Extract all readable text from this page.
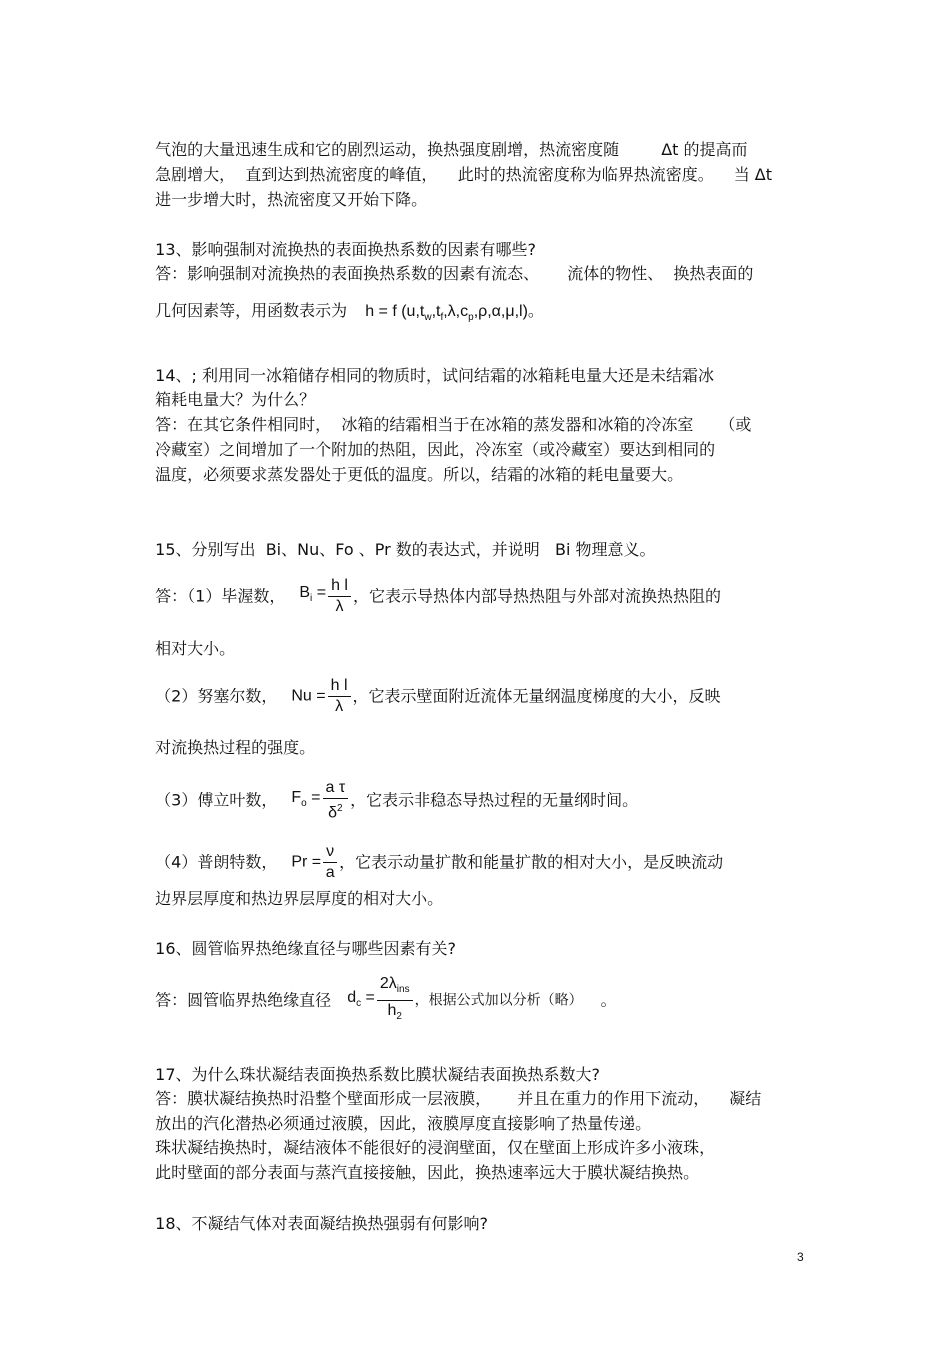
气泡的大量迅速生成和它的剧烈运动，换热强度剧增，热流密度随	Δt 的提高而

急剧增大，  直到达到热流密度的峰值，    此时的热流密度称为临界热流密度。 当 Δt

进一步增大时，热流密度又开始下降。

13、影响强制对流换热的表面换热系数的因素有哪些?

答：影响强制对流换热的表面换热系数的因素有流态、 流体的物性、  换热表面的

几何因素等，用函数表示为 h = f $(u,t_w,t_f,\lambda,c_p,\rho,\alpha,\mu,l)$。

14、; 利用同一冰箱储存相同的物质时，试问结霜的冰箱耗电量大还是未结霜冰

箱耗电量大？为什么？

答：在其它条件相同时，  冰箱的结霜相当于在冰箱的蒸发器和冰箱的冷冻室 （或

冷藏室）之间增加了一个附加的热阻，因此，冷冻室（或冷藏室）要达到相同的

温度，必须要求蒸发器处于更低的温度。所以，结霜的冰箱的耗电量要大。

15、分别写出  Bi、Nu、Fo 、Pr 数的表达式，并说明   Bi 物理意义。

答：（1）毕渥数， $B_i = \frac{\text{h l}}{\lambda}$ ，它表示导热体内部导热热阻与外部对流换热热阻的

相对大小。

（2）努塞尔数， $Nu = \frac{\text{h l}}{\lambda}$ ，它表示壁面附近流体无量纲温度梯度的大小，反映

对流换热过程的强度。

（3）傅立叶数， $F_o = \frac{\text{a τ}}{\delta^2}$ ，它表示非稳态导热过程的无量纲时间。

（4）普朗特数， $Pr = \frac{\nu}{a}$ ，它表示动量扩散和能量扩散的相对大小，是反映流动

边界层厚度和热边界层厚度的相对大小。

16、圆管临界热绝缘直径与哪些因素有关?

答：圆管临界热绝缘直径 $d_c = \frac{2\lambda_{ins}}{h_2}$ ，根据公式加以分析（略） 。

17、为什么珠状凝结表面换热系数比膜状凝结表面换热系数大?

答：膜状凝结换热时沿整个壁面形成一层液膜， 并且在重力的作用下流动， 凝结

放出的汽化潜热必须通过液膜，因此，液膜厚度直接影响了热量传递。

珠状凝结换热时，凝结液体不能很好的浸润壁面，仅在壁面上形成许多小液珠，

此时壁面的部分表面与蒸汽直接接触，因此，换热速率远大于膜状凝结换热。

18、不凝结气体对表面凝结换热强弱有何影响?

3
